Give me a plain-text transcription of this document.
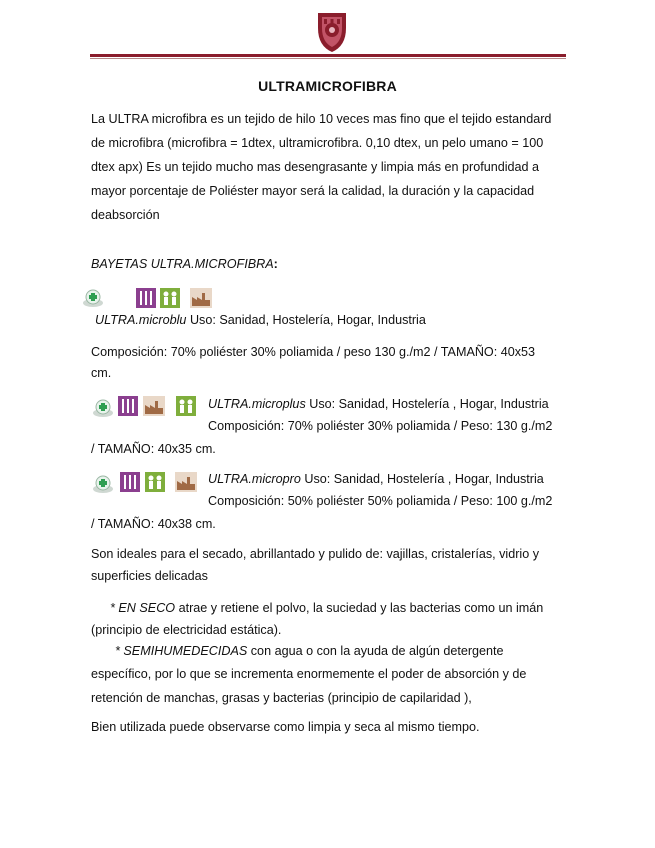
ULTRAMICROFIBRA
La ULTRA microfibra es un tejido de hilo 10 veces mas fino que el tejido estandard
de microfibra (microfibra = 1dtex, ultramicrofibra. 0,10 dtex, un pelo umano = 100
dtex apx) Es un tejido mucho mas desengrasante y limpia más en profundidad a
mayor porcentaje de Poliéster mayor será la calidad, la duración y la capacidad
deabsorción
BAYETAS ULTRA.MICROFIBRA:
ULTRA.microblu Uso: Sanidad, Hostelería, Hogar, Industria
Composición: 70% poliéster 30% poliamida / peso 130 g./m2 / TAMAÑO: 40x53
cm.
ULTRA.microplus Uso: Sanidad, Hostelería , Hogar, Industria
Composición: 70% poliéster 30% poliamida / Peso: 130 g./m2
/ TAMAÑO: 40x35 cm.
ULTRA.micropro Uso: Sanidad, Hostelería , Hogar, Industria
Composición: 50% poliéster 50% poliamida / Peso: 100 g./m2
/ TAMAÑO: 40x38 cm.
Son ideales para el secado, abrillantado y pulido de: vajillas, cristalerías, vidrio y
superficies delicadas
* EN SECO atrae y retiene el polvo, la suciedad y las bacterias como un imán
(principio de electricidad estática).
* SEMIHUMEDECIDAS con agua o con la ayuda de algún detergente
específico, por lo que se incrementa enormemente el poder de absorción y de
retención de manchas, grasas y bacterias (principio de capilaridad ),
Bien utilizada puede observarse como limpia y seca al mismo tiempo.
